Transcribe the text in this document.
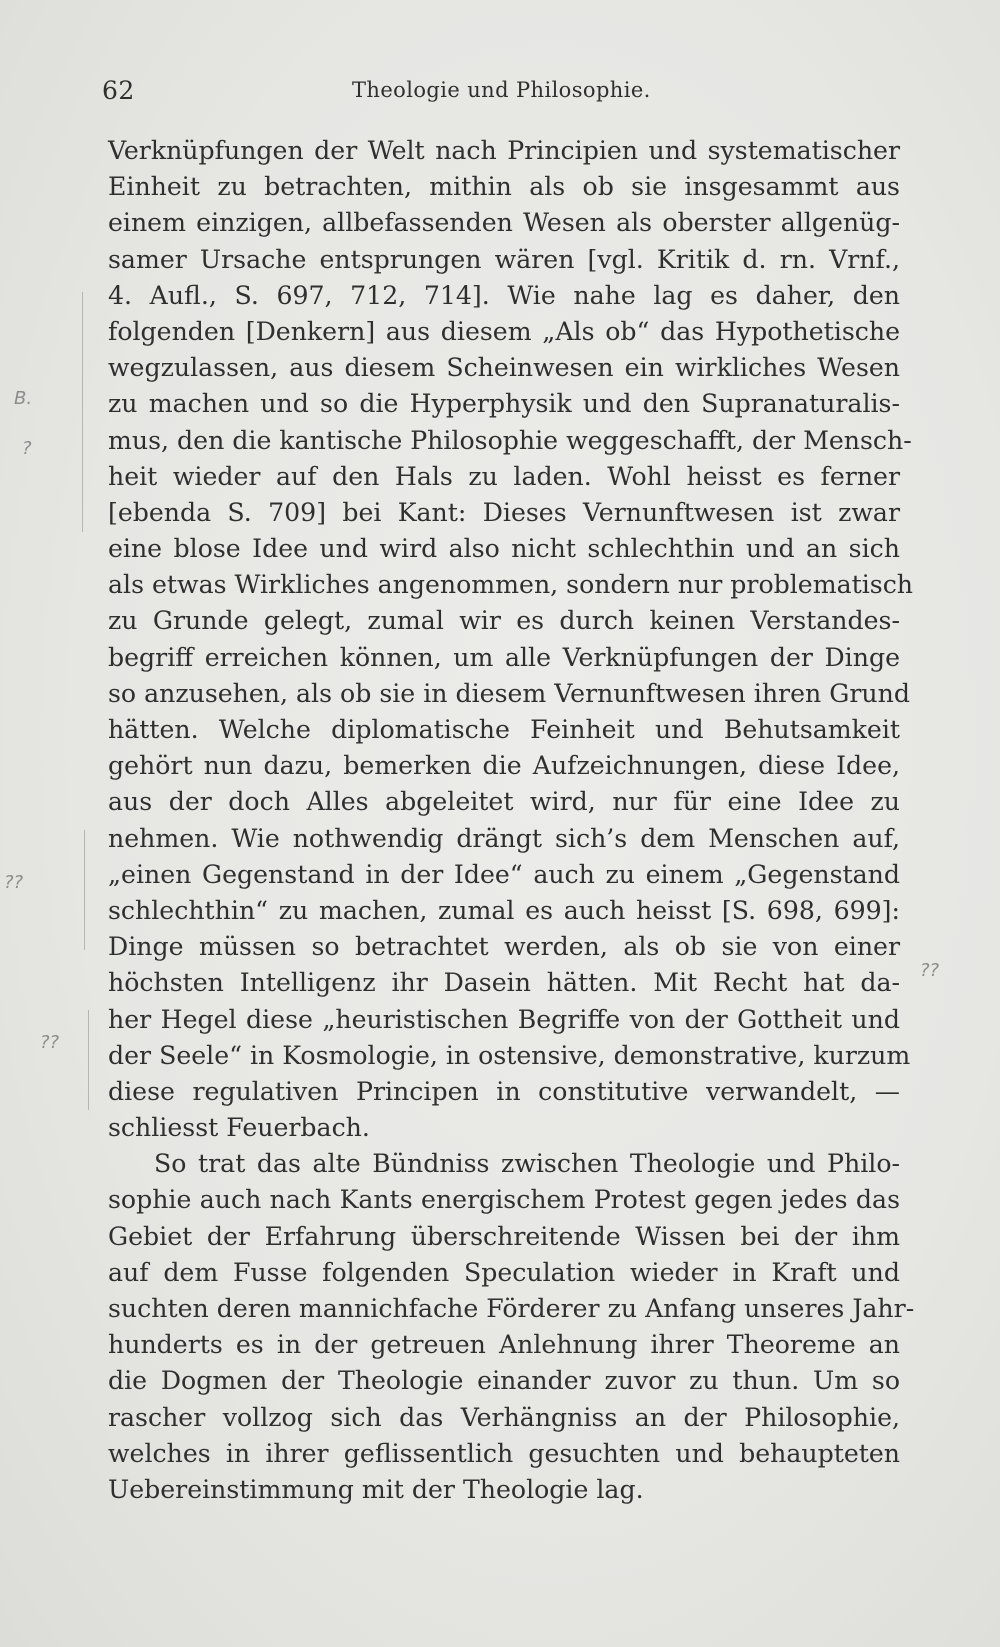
62	Theologie und Philosophie.
B.
?
??
??
??
Verknüpfungen der Welt nach Principien und systematischer
Einheit zu betrachten, mithin als ob sie insgesammt aus
einem einzigen, allbefassenden Wesen als oberster allgenüg-
samer Ursache entsprungen wären [vgl. Kritik d. rn. Vrnf.,
4. Aufl., S. 697, 712, 714]. Wie nahe lag es daher, den
folgenden [Denkern] aus diesem „Als ob“ das Hypothetische
wegzulassen, aus diesem Scheinwesen ein wirkliches Wesen
zu machen und so die Hyperphysik und den Supranaturalis-
mus, den die kantische Philosophie weggeschafft, der Mensch-
heit wieder auf den Hals zu laden. Wohl heisst es ferner
[ebenda S. 709] bei Kant: Dieses Vernunftwesen ist zwar
eine blose Idee und wird also nicht schlechthin und an sich
als etwas Wirkliches angenommen, sondern nur problematisch
zu Grunde gelegt, zumal wir es durch keinen Verstandes-
begriff erreichen können, um alle Verknüpfungen der Dinge
so anzusehen, als ob sie in diesem Vernunftwesen ihren Grund
hätten. Welche diplomatische Feinheit und Behutsamkeit
gehört nun dazu, bemerken die Aufzeichnungen, diese Idee,
aus der doch Alles abgeleitet wird, nur für eine Idee zu
nehmen. Wie nothwendig drängt sich’s dem Menschen auf,
„einen Gegenstand in der Idee“ auch zu einem „Gegenstand
schlechthin“ zu machen, zumal es auch heisst [S. 698, 699]:
Dinge müssen so betrachtet werden, als ob sie von einer
höchsten Intelligenz ihr Dasein hätten. Mit Recht hat da-
her Hegel diese „heuristischen Begriffe von der Gottheit und
der Seele“ in Kosmologie, in ostensive, demonstrative, kurzum
diese regulativen Principen in constitutive verwandelt, —
schliesst Feuerbach.
So trat das alte Bündniss zwischen Theologie und Philo-
sophie auch nach Kants energischem Protest gegen jedes das
Gebiet der Erfahrung überschreitende Wissen bei der ihm
auf dem Fusse folgenden Speculation wieder in Kraft und
suchten deren mannichfache Förderer zu Anfang unseres Jahr-
hunderts es in der getreuen Anlehnung ihrer Theoreme an
die Dogmen der Theologie einander zuvor zu thun. Um so
rascher vollzog sich das Verhängniss an der Philosophie,
welches in ihrer geflissentlich gesuchten und behaupteten
Uebereinstimmung mit der Theologie lag.
